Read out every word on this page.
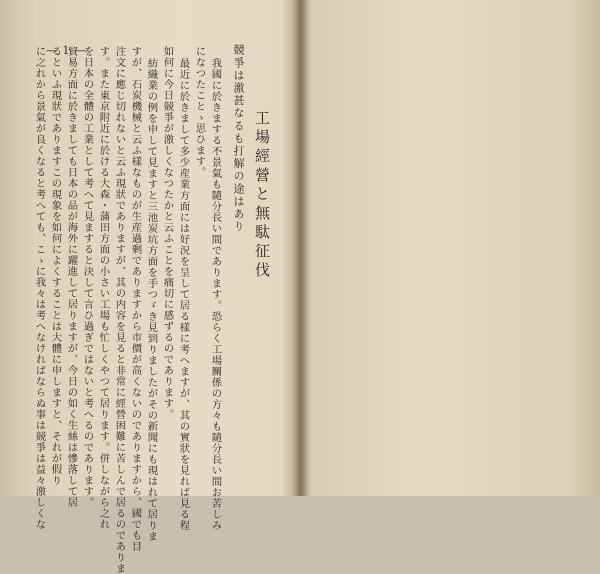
— 1 —
工場經營と無駄征伐
競爭は激甚なるも打解の途はあり
我國に於きまする不景氣も隨分長い間であります。恐らく工場關係の方々も隨分長い間お苦しみ
になつたことゝ思ひます。
最近に於きまして多少産業方面には好況を呈して居る樣に考へますが、其の實狀を見れば見る程
如何に今日競爭が激しくなつたかと云ふことを痛切に感ずるのであります。
紡織業の例を申して見ますと三池炭坑方面を手つゞき見到りましたがその新聞にも現はれて居りま
すが、石炭機械と云ふ樣なものが生産過剰でありますから市價が高くないのでありますから、國でも目
注文に應じ切れないと云ふ現狀でありますが、其の内容を見ると非常に經營困難に苦しんで居るのでありま
す。また東京附近に於ける大森・蒲田方面の小さい工場も忙しくやつて居ります。併しながら之れ
を日本の全體の工業として考へて見ますると決して言ひ過ぎではないと考へるのであります。
貿易方面に於きましても日本の品が海外に躍進して居りますが、今日の如く生絲は慘落して居
るといふ現狀でありますこの現象を如何によくすることは大體に申しますと、それが假り
に之れから景氣が良くなると考へても、こゝに我々は考へなければならぬ事は競爭は益々激しくな
